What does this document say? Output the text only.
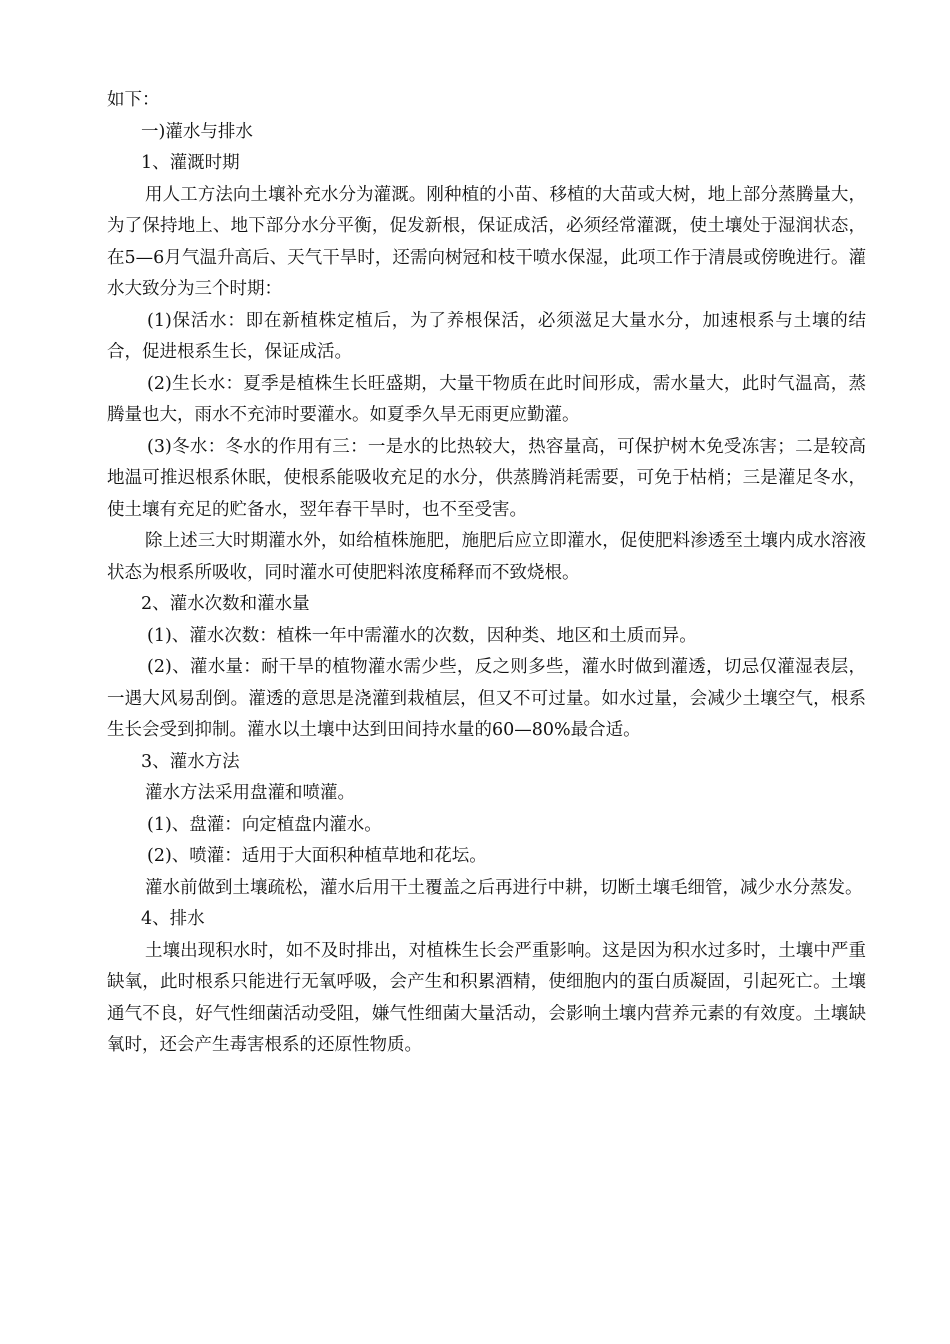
如下：
一)灌水与排水
1、灌溉时期
用人工方法向土壤补充水分为灌溉。刚种植的小苗、移植的大苗或大树，地上部分蒸腾量大，为了保持地上、地下部分水分平衡，促发新根，保证成活，必须经常灌溉，使土壤处于湿润状态，在5—6月气温升高后、天气干旱时，还需向树冠和枝干喷水保湿，此项工作于清晨或傍晚进行。灌水大致分为三个时期：
(1)保活水：即在新植株定植后，为了养根保活，必须滋足大量水分，加速根系与土壤的结合，促进根系生长，保证成活。
(2)生长水：夏季是植株生长旺盛期，大量干物质在此时间形成，需水量大，此时气温高，蒸腾量也大，雨水不充沛时要灌水。如夏季久旱无雨更应勤灌。
(3)冬水：冬水的作用有三：一是水的比热较大，热容量高，可保护树木免受冻害；二是较高地温可推迟根系休眠，使根系能吸收充足的水分，供蒸腾消耗需要，可免于枯梢；三是灌足冬水，使土壤有充足的贮备水，翌年春干旱时，也不至受害。
除上述三大时期灌水外，如给植株施肥，施肥后应立即灌水，促使肥料渗透至土壤内成水溶液状态为根系所吸收，同时灌水可使肥料浓度稀释而不致烧根。
2、灌水次数和灌水量
(1)、灌水次数：植株一年中需灌水的次数，因种类、地区和土质而异。
(2)、灌水量：耐干旱的植物灌水需少些，反之则多些，灌水时做到灌透，切忌仅灌湿表层，一遇大风易刮倒。灌透的意思是浇灌到栽植层，但又不可过量。如水过量，会减少土壤空气，根系生长会受到抑制。灌水以土壤中达到田间持水量的60—80%最合适。
3、灌水方法
灌水方法采用盘灌和喷灌。
(1)、盘灌：向定植盘内灌水。
(2)、喷灌：适用于大面积种植草地和花坛。
灌水前做到土壤疏松，灌水后用干土覆盖之后再进行中耕，切断土壤毛细管，减少水分蒸发。
4、排水
土壤出现积水时，如不及时排出，对植株生长会严重影响。这是因为积水过多时，土壤中严重缺氧，此时根系只能进行无氧呼吸，会产生和积累酒精，使细胞内的蛋白质凝固，引起死亡。土壤通气不良，好气性细菌活动受阻，嫌气性细菌大量活动，会影响土壤内营养元素的有效度。土壤缺氧时，还会产生毒害根系的还原性物质。
